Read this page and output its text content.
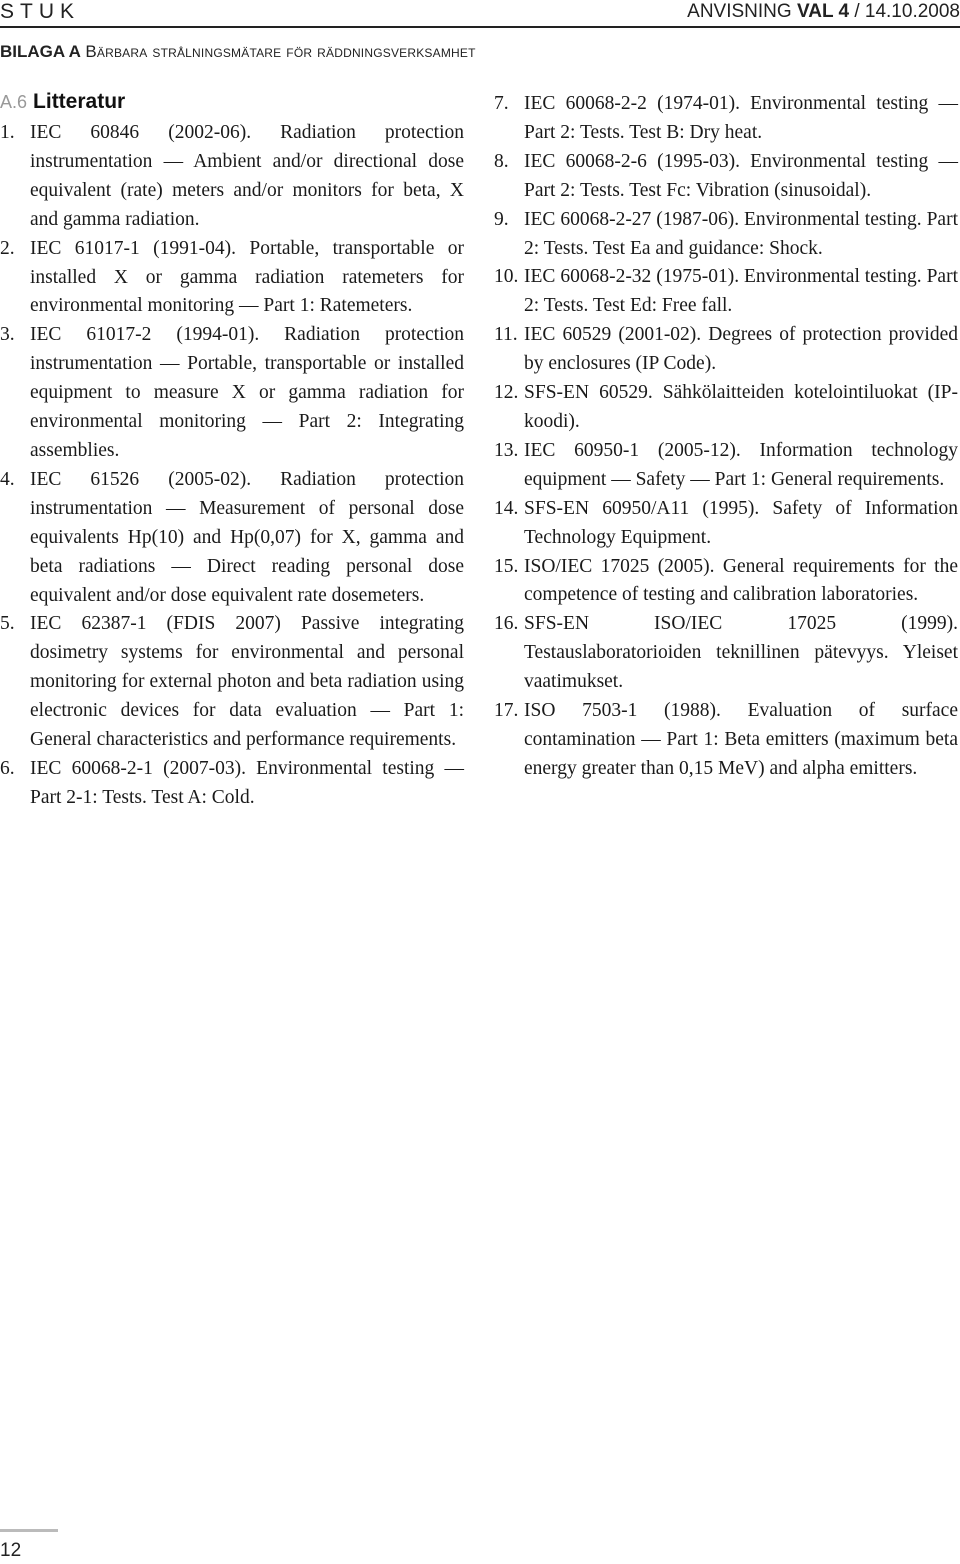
STUK	ANVISNING VAL 4 / 14.10.2008
BILAGA A Bärbara strålningsmätare för räddningsverksamhet
A.6 Litteratur
1. IEC 60846 (2002-06). Radiation protection instrumentation — Ambient and/or directional dose equivalent (rate) meters and/or monitors for beta, X and gamma radiation.
2. IEC 61017-1 (1991-04). Portable, transportable or installed X or gamma radiation ratemeters for environmental monitoring — Part 1: Ratemeters.
3. IEC 61017-2 (1994-01). Radiation protection instrumentation — Portable, transportable or installed equipment to measure X or gamma radiation for environmental monitoring — Part 2: Integrating assemblies.
4. IEC 61526 (2005-02). Radiation protection instrumentation — Measurement of personal dose equivalents Hp(10) and Hp(0,07) for X, gamma and beta radiations — Direct reading personal dose equivalent and/or dose equivalent rate dosemeters.
5. IEC 62387-1 (FDIS 2007) Passive integrating dosimetry systems for environmental and personal monitoring for external photon and beta radiation using electronic devices for data evaluation — Part 1: General characteristics and performance requirements.
6. IEC 60068-2-1 (2007-03). Environmental testing — Part 2-1: Tests. Test A: Cold.
7. IEC 60068-2-2 (1974-01). Environmental testing — Part 2: Tests. Test B: Dry heat.
8. IEC 60068-2-6 (1995-03). Environmental testing — Part 2: Tests. Test Fc: Vibration (sinusoidal).
9. IEC 60068-2-27 (1987-06). Environmental testing. Part 2: Tests. Test Ea and guidance: Shock.
10. IEC 60068-2-32 (1975-01). Environmental testing. Part 2: Tests. Test Ed: Free fall.
11. IEC 60529 (2001-02). Degrees of protection provided by enclosures (IP Code).
12. SFS-EN 60529. Sähkölaitteiden kotelointiluokat (IP-koodi).
13. IEC 60950-1 (2005-12). Information technology equipment — Safety — Part 1: General requirements.
14. SFS-EN 60950/A11 (1995). Safety of Information Technology Equipment.
15. ISO/IEC 17025 (2005). General requirements for the competence of testing and calibration laboratories.
16. SFS-EN ISO/IEC 17025 (1999). Testauslaboratorioiden teknillinen pätevyys. Yleiset vaatimukset.
17. ISO 7503-1 (1988). Evaluation of surface contamination — Part 1: Beta emitters (maximum beta energy greater than 0,15 MeV) and alpha emitters.
12
